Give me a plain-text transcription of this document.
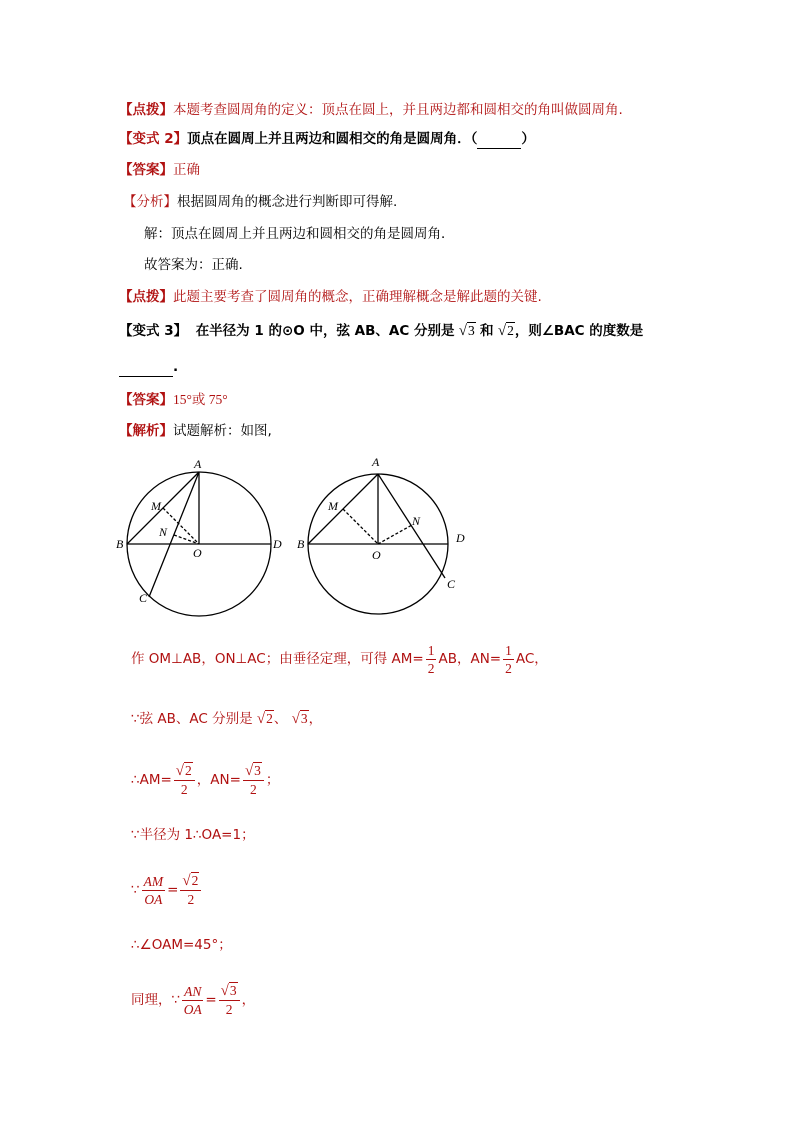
【点拨】本题考查圆周角的定义：顶点在圆上，并且两边都和圆相交的角叫做圆周角.
【变式 2】顶点在圆周上并且两边和圆相交的角是圆周角．（	）
【答案】正确
【分析】根据圆周角的概念进行判断即可得解.
解：顶点在圆周上并且两边和圆相交的角是圆周角．
故答案为：正确.
【点拨】此题主要考查了圆周角的概念，正确理解概念是解此题的关键.
【变式 3】 在半径为 1 的⊙O 中，弦 AB、AC 分别是 √3 和 √2，则∠BAC 的度数是
.
【答案】15°或 75°
【解析】试题解析：如图,
A
B
C
D
M
N
O
A
B
C
D
M
N
O
作 OM⊥AB，ON⊥AC；由垂径定理，可得 $AM= \frac{1}{2}$ AB，$AN= \frac{1}{2}$ AC，
∵弦 AB、AC 分别是 √2、 √3，
∴AM= $\frac{√2}{2}$ ，$AN= \frac{√3}{2}$ ；
∵半径为 1∴OA=1；
∵ $\frac{AM}{OA} = \frac{√2}{2}$
∴∠OAM=45°；
同理，∵ $\frac{AN}{OA} = \frac{√3}{2}$ ，
